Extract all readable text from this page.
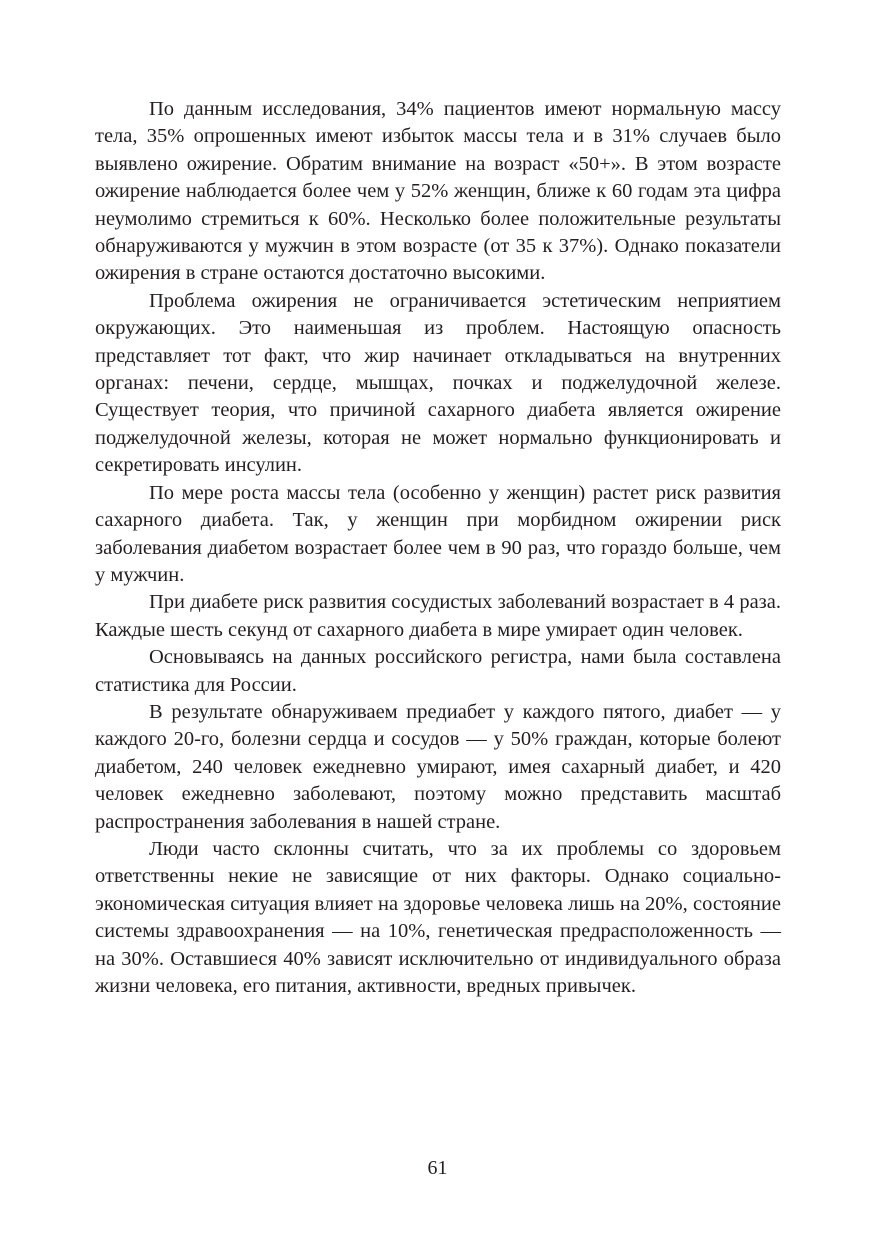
По данным исследования, 34% пациентов имеют нормальную массу тела, 35% опрошенных имеют избыток массы тела и в 31% случаев было выявлено ожирение. Обратим внимание на возраст «50+». В этом возрасте ожирение наблюдается более чем у 52% женщин, ближе к 60 годам эта цифра неумолимо стремиться к 60%. Несколько более положительные результаты обнаруживаются у мужчин в этом возрасте (от 35 к 37%). Однако показатели ожирения в стране остаются достаточно высокими.

Проблема ожирения не ограничивается эстетическим неприятием окружающих. Это наименьшая из проблем. Настоящую опасность представляет тот факт, что жир начинает откладываться на внутренних органах: печени, сердце, мышцах, почках и поджелудочной железе. Существует теория, что причиной сахарного диабета является ожирение поджелудочной железы, которая не может нормально функционировать и секретировать инсулин.

По мере роста массы тела (особенно у женщин) растет риск развития сахарного диабета. Так, у женщин при морбидном ожирении риск заболевания диабетом возрастает более чем в 90 раз, что гораздо больше, чем у мужчин.

При диабете риск развития сосудистых заболеваний возрастает в 4 раза. Каждые шесть секунд от сахарного диабета в мире умирает один человек.

Основываясь на данных российского регистра, нами была составлена статистика для России.

В результате обнаруживаем предиабет у каждого пятого, диабет — у каждого 20-го, болезни сердца и сосудов — у 50% граждан, которые болеют диабетом, 240 человек ежедневно умирают, имея сахарный диабет, и 420 человек ежедневно заболевают, поэтому можно представить масштаб распространения заболевания в нашей стране.

Люди часто склонны считать, что за их проблемы со здоровьем ответственны некие не зависящие от них факторы. Однако социально-экономическая ситуация влияет на здоровье человека лишь на 20%, состояние системы здравоохранения — на 10%, генетическая предрасположенность — на 30%. Оставшиеся 40% зависят исключительно от индивидуального образа жизни человека, его питания, активности, вредных привычек.

61
